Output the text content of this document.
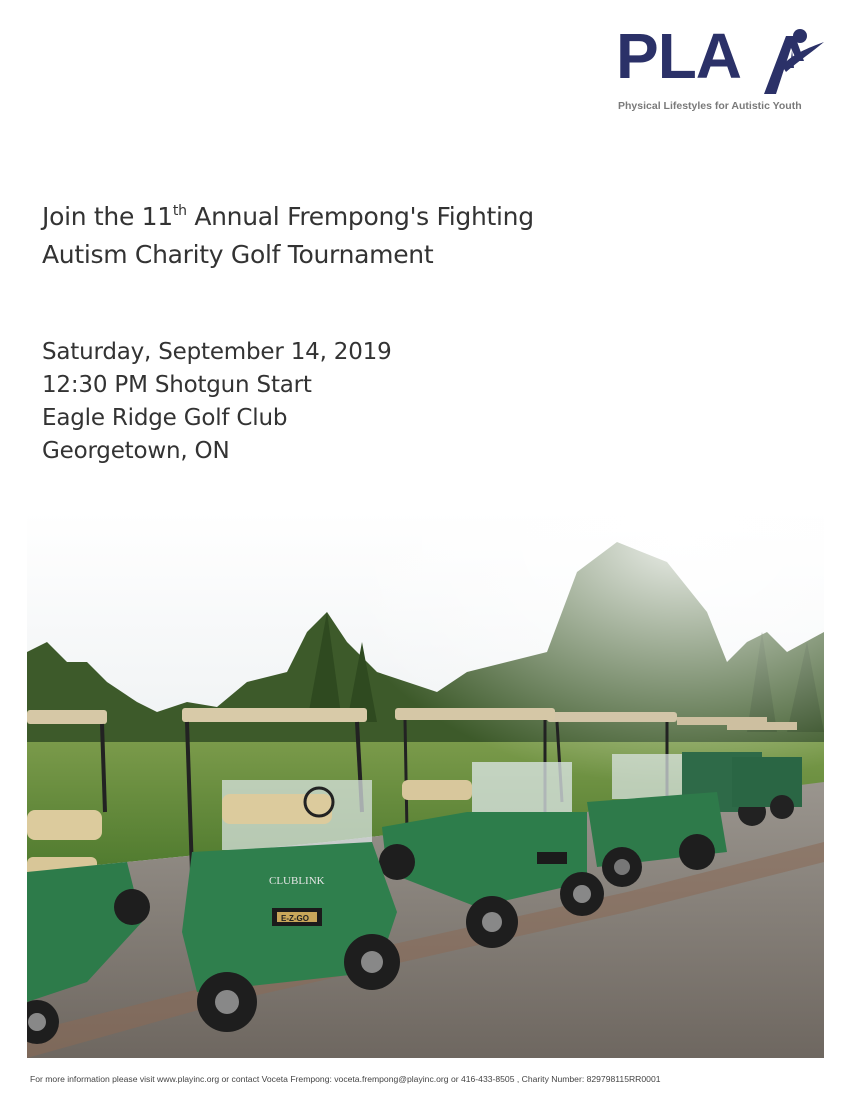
PLA
Physical Lifestyles for Autistic Youth
Join the 11th Annual Frempong's Fighting
Autism Charity Golf Tournament
Saturday, September 14, 2019
12:30 PM Shotgun Start
Eagle Ridge Golf Club
Georgetown, ON
CLUBLINK
E-Z-GO
For more information please visit www.playinc.org or contact Voceta Frempong: voceta.frempong@playinc.org or 416-433-8505 , Charity Number: 829798115RR0001
